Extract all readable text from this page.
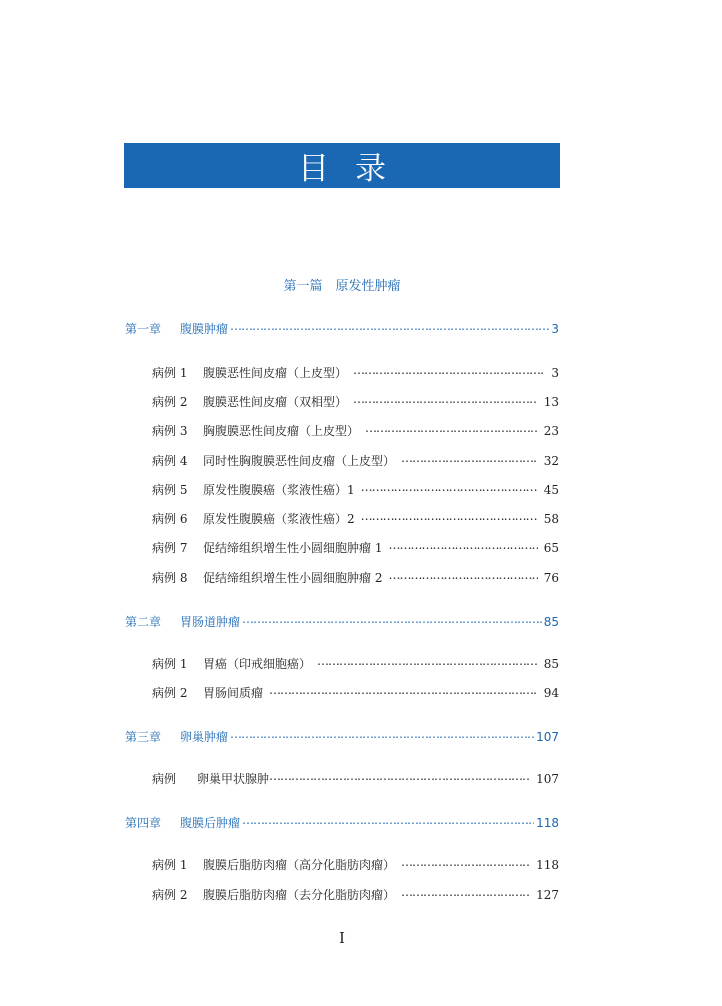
目录
第一篇　原发性肿瘤
第一章	腹膜肿瘤 …………………………………………………………………………………………………………………………………………………………………………	3
病例 1	腹膜恶性间皮瘤（上皮型） …………………………………………………………………………………………………………………………………………………………………………	3
病例 2	腹膜恶性间皮瘤（双相型） …………………………………………………………………………………………………………………………………………………………………………	13
病例 3	胸腹膜恶性间皮瘤（上皮型） …………………………………………………………………………………………………………………………………………………………………………	23
病例 4	同时性胸腹膜恶性间皮瘤（上皮型） …………………………………………………………………………………………………………………………………………………………………………	32
病例 5	原发性腹膜癌（浆液性癌）1 …………………………………………………………………………………………………………………………………………………………………………	45
病例 6	原发性腹膜癌（浆液性癌）2 …………………………………………………………………………………………………………………………………………………………………………	58
病例 7	促结缔组织增生性小圆细胞肿瘤 1 …………………………………………………………………………………………………………………………………………………………………………	65
病例 8	促结缔组织增生性小圆细胞肿瘤 2 …………………………………………………………………………………………………………………………………………………………………………	76
第二章	胃肠道肿瘤 …………………………………………………………………………………………………………………………………………………………………………	85
病例 1	胃癌（印戒细胞癌） …………………………………………………………………………………………………………………………………………………………………………	85
病例 2	胃肠间质瘤 …………………………………………………………………………………………………………………………………………………………………………	94
第三章	卵巢肿瘤 …………………………………………………………………………………………………………………………………………………………………………	107
病例	卵巢甲状腺肿 …………………………………………………………………………………………………………………………………………………………………………	107
第四章	腹膜后肿瘤 …………………………………………………………………………………………………………………………………………………………………………	118
病例 1	腹膜后脂肪肉瘤（高分化脂肪肉瘤） …………………………………………………………………………………………………………………………………………………………………………	118
病例 2	腹膜后脂肪肉瘤（去分化脂肪肉瘤） …………………………………………………………………………………………………………………………………………………………………………	127
I
